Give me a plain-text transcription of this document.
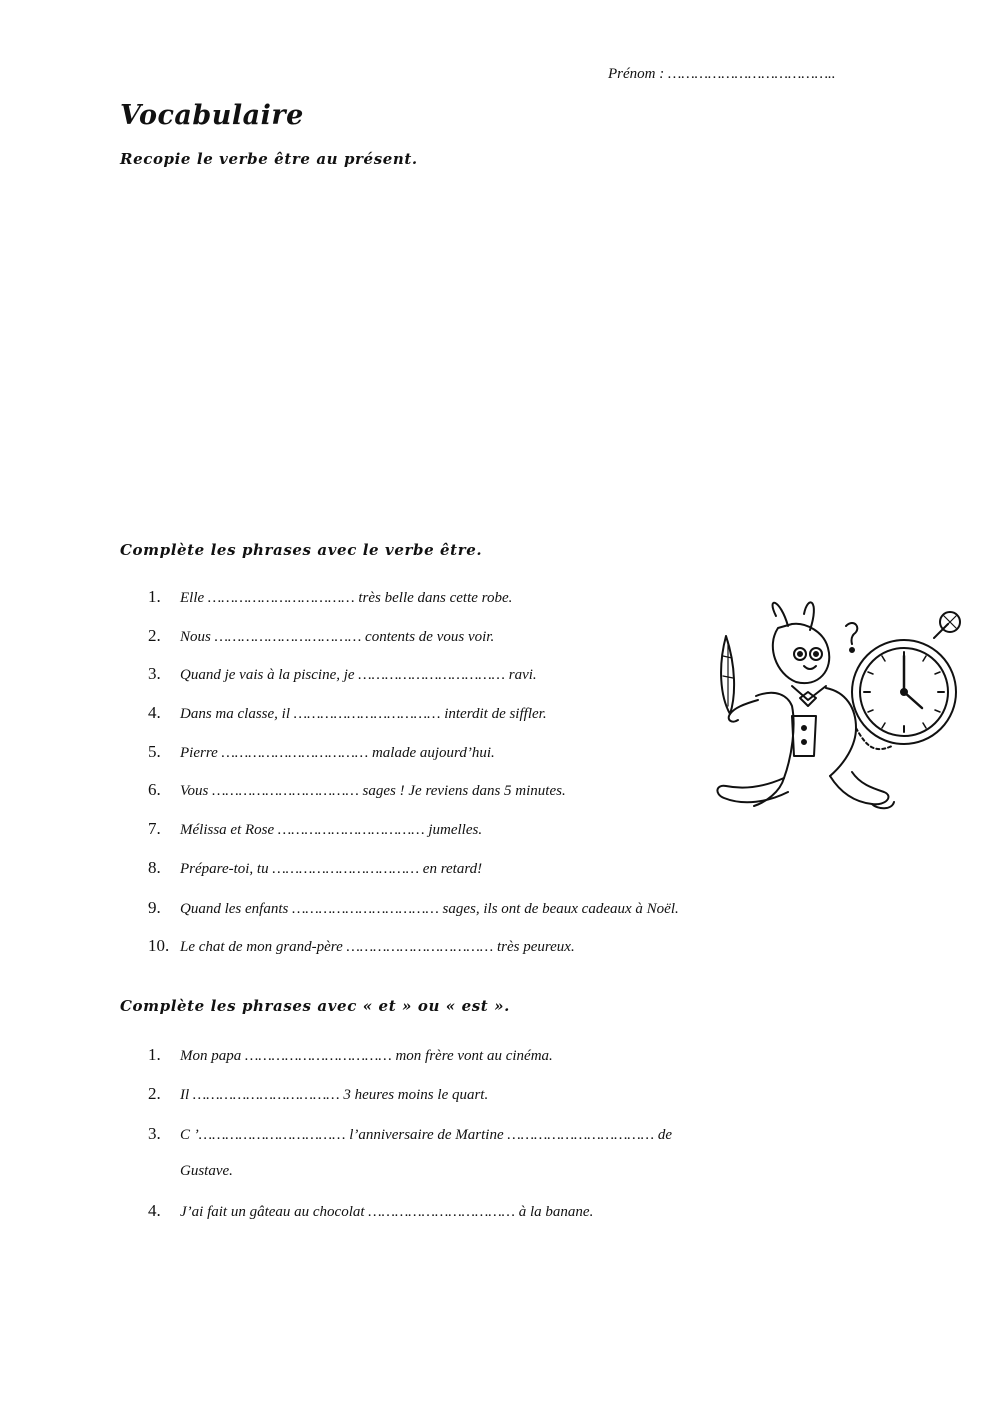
Prénom : ………………………………..
Vocabulaire
Recopie le verbe être au présent.
Complète les phrases avec le verbe être.
1. Elle …………………………… très belle dans cette robe.
2. Nous …………………………… contents de vous voir.
3. Quand je vais à la piscine, je …………………………… ravi.
4. Dans ma classe, il …………………………… interdit de siffler.
5. Pierre …………………………… malade aujourd’hui.
6. Vous …………………………… sages ! Je reviens dans 5 minutes.
7. Mélissa et Rose …………………………… jumelles.
8. Prépare-toi, tu …………………………… en retard!
9. Quand les enfants …………………………… sages, ils ont de beaux cadeaux à Noël.
10. Le chat de mon grand-père …………………………… très peureux.
Complète les phrases avec « et » ou « est ».
1. Mon papa …………………………… mon frère vont au cinéma.
2. Il …………………………… 3 heures moins le quart.
3. C ’…………………………… l’anniversaire de Martine …………………………… de
Gustave.
4. J’ai fait un gâteau au chocolat …………………………… à la banane.
